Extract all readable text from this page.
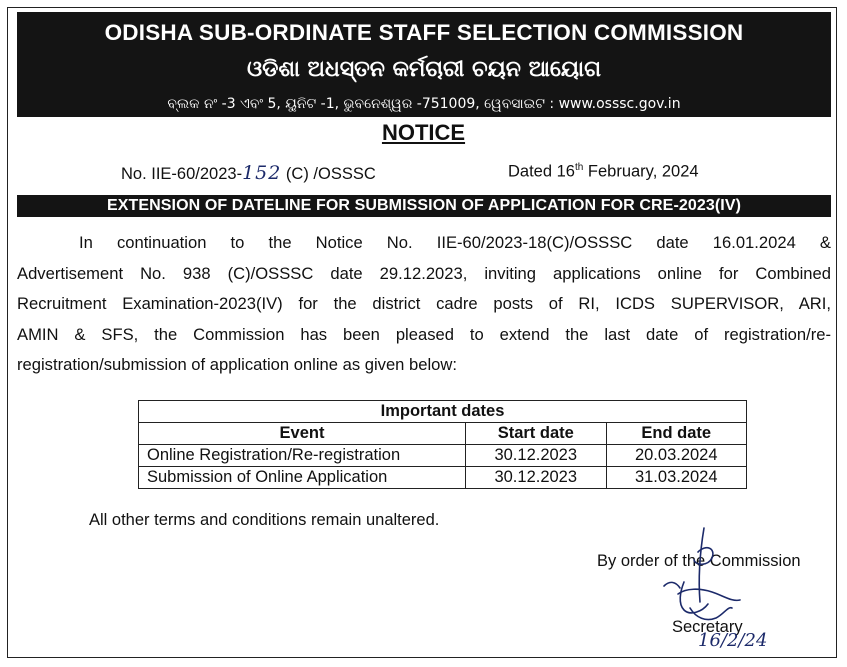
ODISHA SUB-ORDINATE STAFF SELECTION COMMISSION
ଓଡିଶା ଅଧସ୍ତନ କର୍ମଚାରୀ ଚୟନ ଆୟୋଗ
ବ୍ଲକ ନଂ -3 ଏବଂ 5, ୟୁନିଟ -1, ଭୁବନେଶ୍ୱର -751009, ୱେବସାଇଟ : www.osssc.gov.in
NOTICE
No. IIE-60/2023-152 (C) /OSSSC	Dated 16th February, 2024
EXTENSION OF DATELINE FOR SUBMISSION OF APPLICATION FOR CRE-2023(IV)
In continuation to the Notice No. IIE-60/2023-18(C)/OSSSC date 16.01.2024 &
Advertisement No. 938 (C)/OSSSC date 29.12.2023, inviting applications online for Combined
Recruitment Examination-2023(IV) for the district cadre posts of RI, ICDS SUPERVISOR, ARI,
AMIN & SFS, the Commission has been pleased to extend the last date of registration/re-
registration/submission of application online as given below:
Important dates		
Event	Start date	End date
Online Registration/Re-registration	30.12.2023	20.03.2024
Submission of Online Application	30.12.2023	31.03.2024
All other terms and conditions remain unaltered.
By order of the Commission
Secretary
16/2/24
